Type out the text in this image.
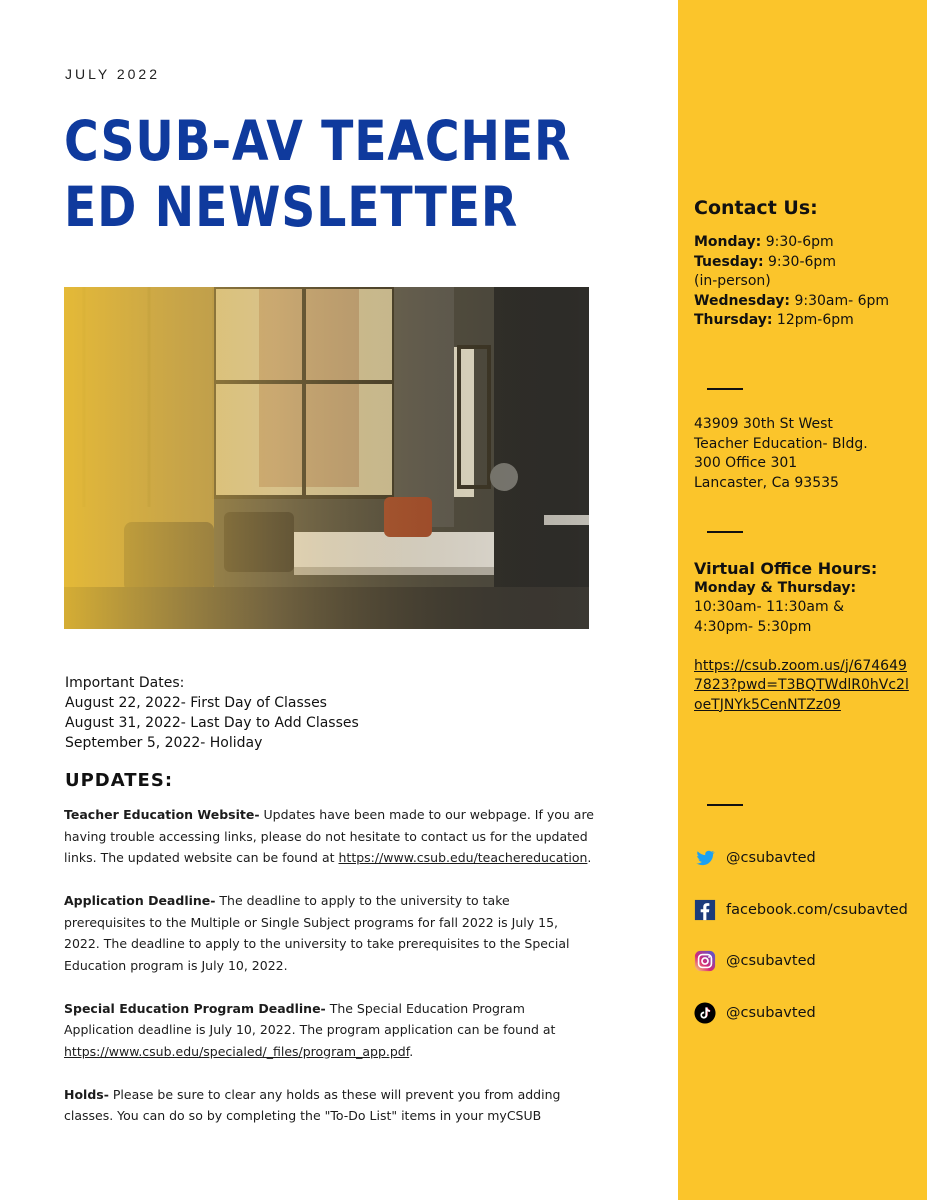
JULY 2022
CSUB-AV TEACHER
ED NEWSLETTER
Important Dates:
August 22, 2022- First Day of Classes
August 31, 2022- Last Day to Add Classes
September 5, 2022- Holiday
UPDATES:

Teacher Education Website- Updates have been made to our webpage. If you are having trouble accessing links, please do not hesitate to contact us for the updated links. The updated website can be found at https://www.csub.edu/teachereducation.

Application Deadline- The deadline to apply to the university to take prerequisites to the Multiple or Single Subject programs for fall 2022 is July 15, 2022. The deadline to apply to the university to take prerequisites to the Special Education program is July 10, 2022.

Special Education Program Deadline- The Special Education Program Application deadline is July 10, 2022. The program application can be found at https://www.csub.edu/specialed/_files/program_app.pdf.

Holds- Please be sure to clear any holds as these will prevent you from adding classes. You can do so by completing the "To-Do List" items in your myCSUB

Contact Us:
Monday: 9:30-6pm
Tuesday: 9:30-6pm
(in-person)
Wednesday: 9:30am- 6pm
Thursday: 12pm-6pm
43909 30th St West
Teacher Education- Bldg.
300 Office 301
Lancaster, Ca 93535
Virtual Office Hours:
Monday & Thursday:
10:30am- 11:30am &
4:30pm- 5:30pm
https://csub.zoom.us/j/6746497823?pwd=T3BQTWdlR0hVc2loeTJNYk5CenNTZz09
@csubavted
facebook.com/csubavted
@csubavted
@csubavted
